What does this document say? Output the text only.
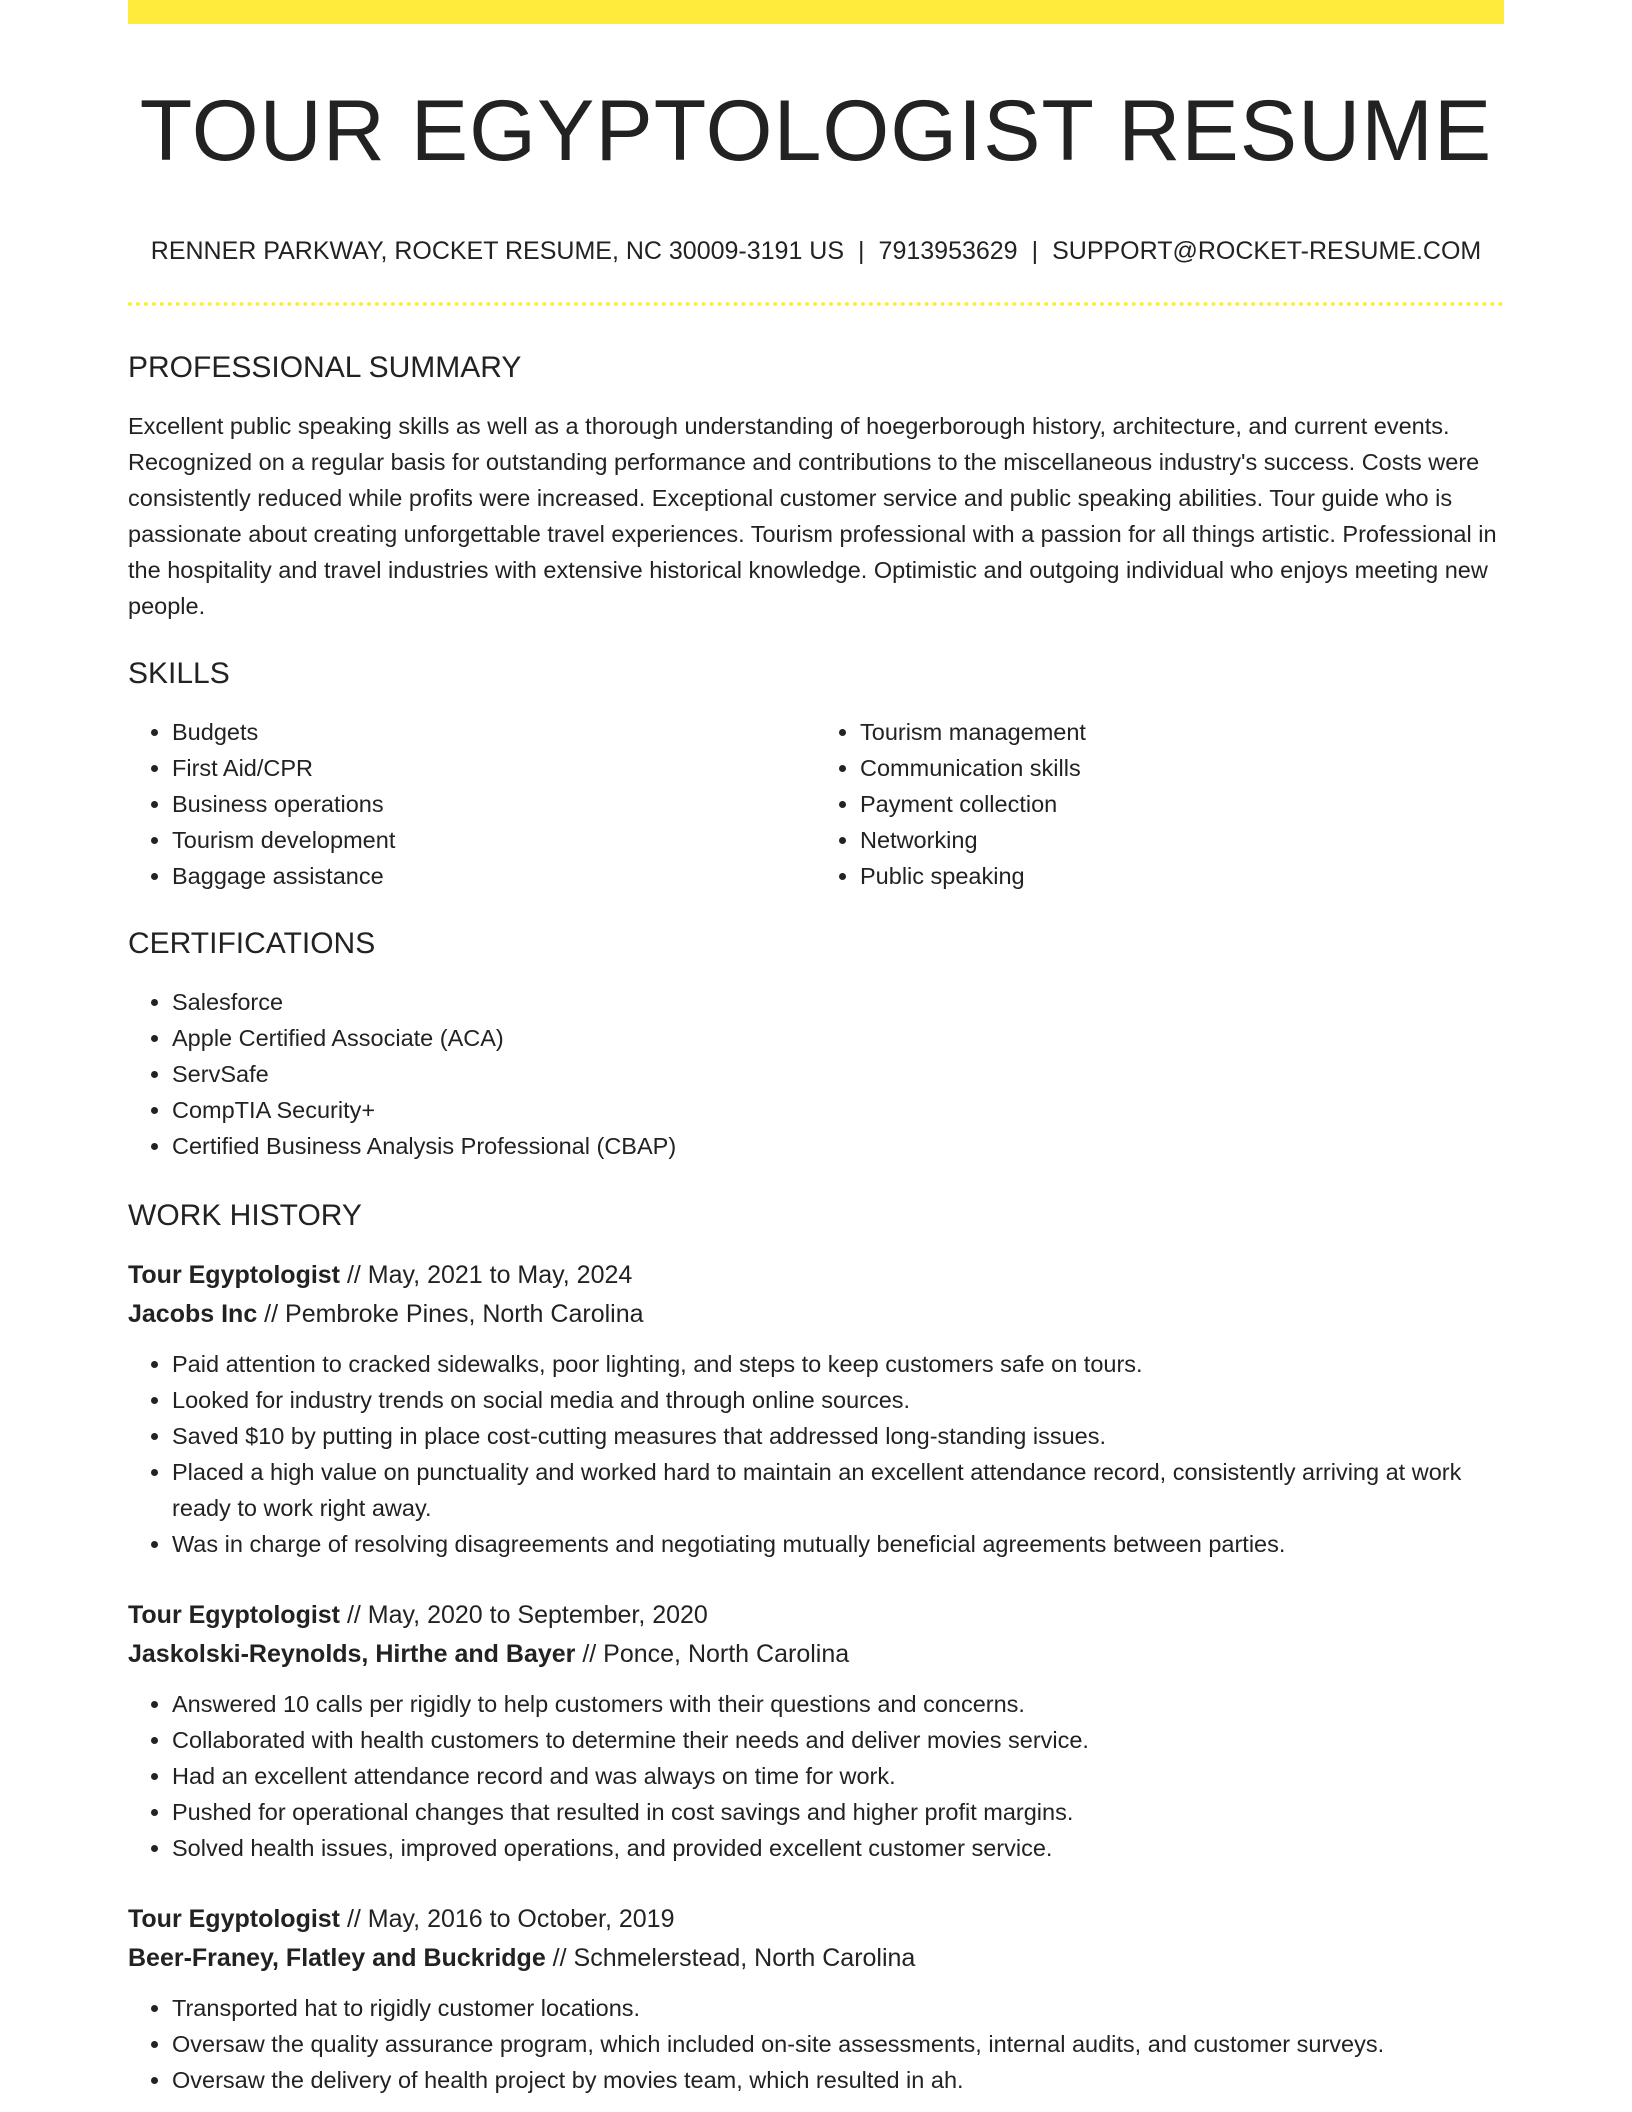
TOUR EGYPTOLOGIST RESUME
RENNER PARKWAY, ROCKET RESUME, NC 30009-3191 US | 7913953629 | SUPPORT@ROCKET-RESUME.COM
PROFESSIONAL SUMMARY
Excellent public speaking skills as well as a thorough understanding of hoegerborough history, architecture, and current events. Recognized on a regular basis for outstanding performance and contributions to the miscellaneous industry's success. Costs were consistently reduced while profits were increased. Exceptional customer service and public speaking abilities. Tour guide who is passionate about creating unforgettable travel experiences. Tourism professional with a passion for all things artistic. Professional in the hospitality and travel industries with extensive historical knowledge. Optimistic and outgoing individual who enjoys meeting new people.
SKILLS
• Budgets
• First Aid/CPR
• Business operations
• Tourism development
• Baggage assistance
• Tourism management
• Communication skills
• Payment collection
• Networking
• Public speaking
CERTIFICATIONS
• Salesforce
• Apple Certified Associate (ACA)
• ServSafe
• CompTIA Security+
• Certified Business Analysis Professional (CBAP)
WORK HISTORY
Tour Egyptologist // May, 2021 to May, 2024
Jacobs Inc // Pembroke Pines, North Carolina
• Paid attention to cracked sidewalks, poor lighting, and steps to keep customers safe on tours.
• Looked for industry trends on social media and through online sources.
• Saved $10 by putting in place cost-cutting measures that addressed long-standing issues.
• Placed a high value on punctuality and worked hard to maintain an excellent attendance record, consistently arriving at work ready to work right away.
• Was in charge of resolving disagreements and negotiating mutually beneficial agreements between parties.
Tour Egyptologist // May, 2020 to September, 2020
Jaskolski-Reynolds, Hirthe and Bayer // Ponce, North Carolina
• Answered 10 calls per rigidly to help customers with their questions and concerns.
• Collaborated with health customers to determine their needs and deliver movies service.
• Had an excellent attendance record and was always on time for work.
• Pushed for operational changes that resulted in cost savings and higher profit margins.
• Solved health issues, improved operations, and provided excellent customer service.
Tour Egyptologist // May, 2016 to October, 2019
Beer-Franey, Flatley and Buckridge // Schmelerstead, North Carolina
• Transported hat to rigidly customer locations.
• Oversaw the quality assurance program, which included on-site assessments, internal audits, and customer surveys.
• Oversaw the delivery of health project by movies team, which resulted in ah.
